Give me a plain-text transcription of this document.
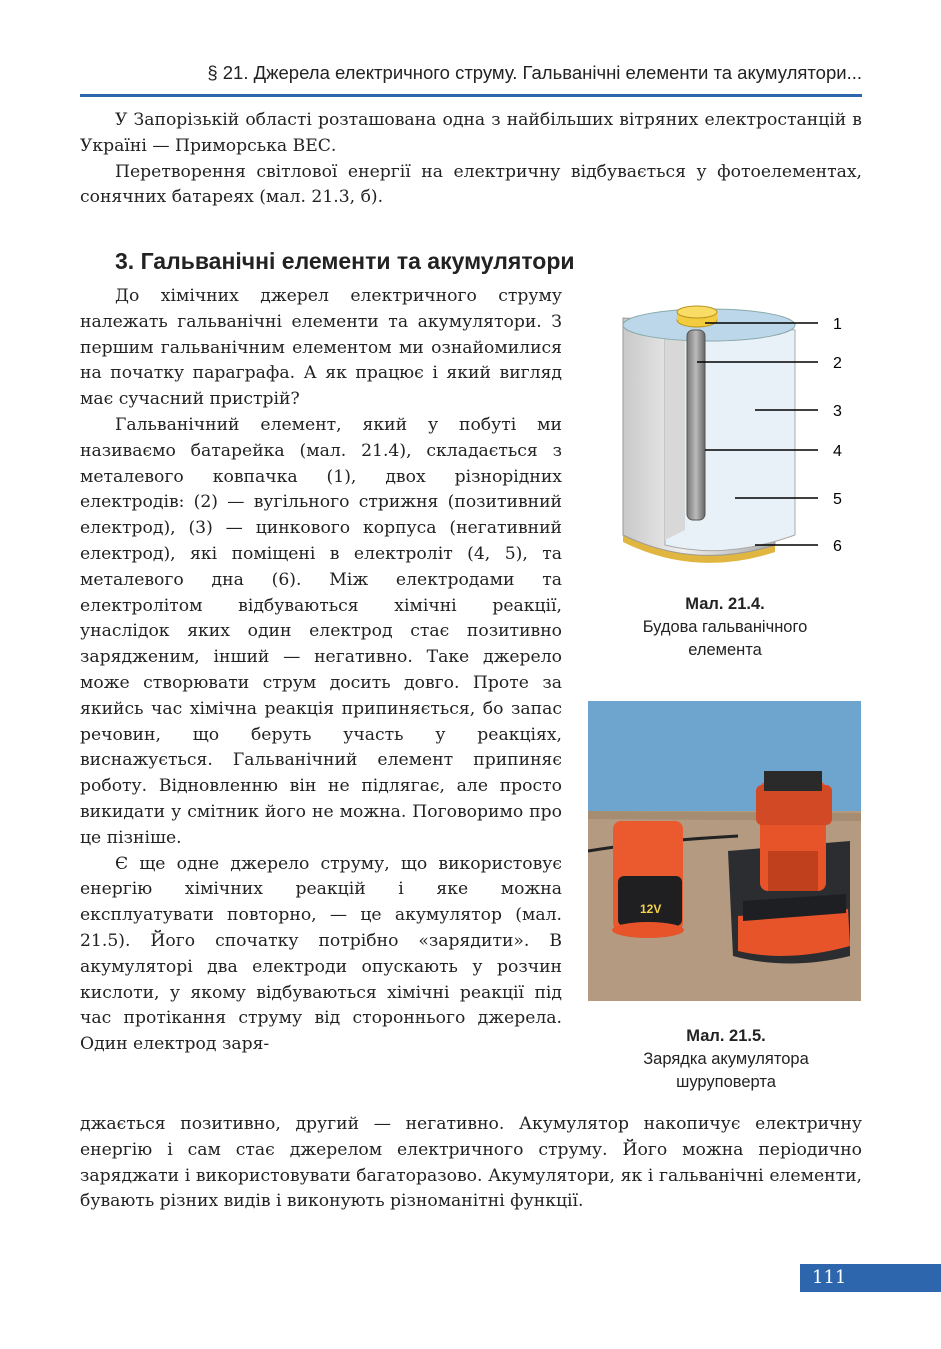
§ 21. Джерела електричного струму. Гальванічні елементи та акумулятори...

У Запорізькій області розташована одна з найбільших вітряних електростанцій в Україні — Приморська ВЕС.

Перетворення світлової енергії на електричну відбувається у фотоелементах, сонячних батареях (мал. 21.3, б).

3. Гальванічні елементи та акумулятори

До хімічних джерел електричного струму належать гальванічні елементи та акумулятори. З першим гальванічним елементом ми ознайомилися на початку параграфа. А як працює і який вигляд має сучасний пристрій?

Гальванічний елемент, який у побуті ми називаємо батарейка (мал. 21.4), складається з металевого ковпачка (1), двох різнорідних електродів: (2) — вугільного стрижня (позитивний електрод), (3) — цинкового корпуса (негативний електрод), які поміщені в електроліт (4, 5), та металевого дна (6). Між електродами та електролітом відбуваються хімічні реакції, унаслідок яких один електрод стає позитивно зарядженим, інший — негативно. Таке джерело може створювати струм досить довго. Проте за якийсь час хімічна реакція припиняється, бо запас речовин, що беруть участь у реакціях, виснажується. Гальванічний елемент припиняє роботу. Відновленню він не підлягає, але просто викидати у смітник його не можна. Поговоримо про це пізніше.

Є ще одне джерело струму, що використовує енергію хімічних реакцій і яке можна експлуатувати повторно, — це акумулятор (мал. 21.5). Його спочатку потрібно «зарядити». В акумуляторі два електроди опускають у розчин кислоти, у якому відбуваються хімічні реакції під час протікання струму від стороннього джерела. Один електрод заря-

джається позитивно, другий — негативно. Акумулятор накопичує електричну енергію і сам стає джерелом електричного струму. Його можна періодично заряджати і використовувати багаторазово. Акумулятори, як і гальванічні елементи, бувають різних видів і виконують різноманітні функції.

1
2
3
4
5
6
Мал. 21.4.
Будова гальванічного
елемента
12V
Мал. 21.5.
Зарядка акумулятора
шуруповерта
111
